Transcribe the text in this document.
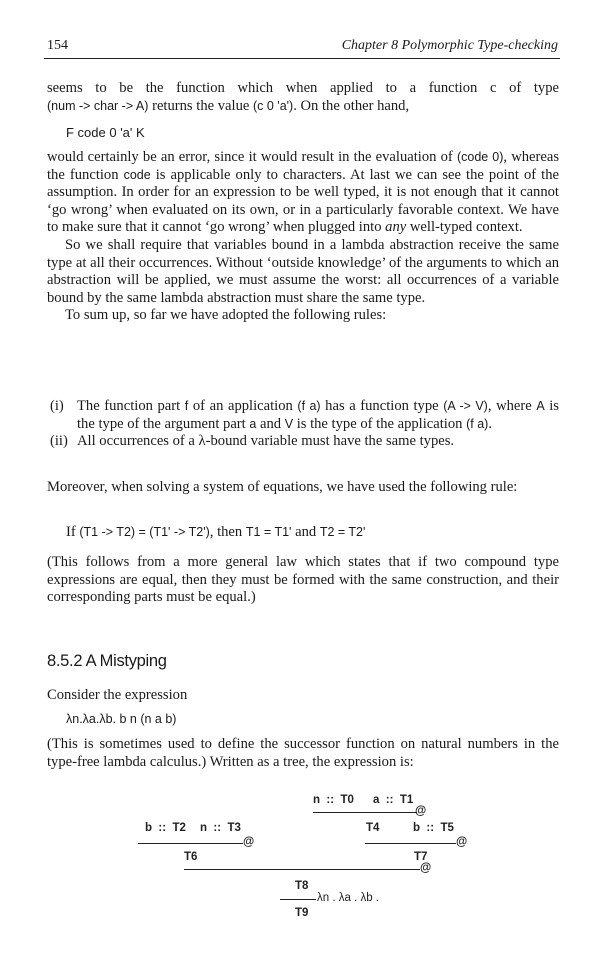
154	Chapter 8 Polymorphic Type-checking

seems to be the function which when applied to a function c of type

(num -> char -> A) returns the value (c 0 'a'). On the other hand,

F code 0 'a' K

would certainly be an error, since it would result in the evaluation of (code 0), whereas the function code is applicable only to characters. At last we can see the point of the assumption. In order for an expression to be well typed, it is not enough that it cannot ‘go wrong’ when evaluated on its own, or in a particularly favorable context. We have to make sure that it cannot ‘go wrong’ when plugged into any well-typed context.

So we shall require that variables bound in a lambda abstraction receive the same type at all their occurrences. Without ‘outside knowledge’ of the arguments to which an abstraction will be applied, we must assume the worst: all occurrences of a variable bound by the same lambda abstraction must share the same type.

To sum up, so far we have adopted the following rules:

(i) The function part f of an application (f a) has a function type (A -> V), where A is the type of the argument part a and V is the type of the application (f a).
(ii) All occurrences of a λ-bound variable must have the same types.
Moreover, when solving a system of equations, we have used the following rule:
If (T1 -> T2) = (T1' -> T2'), then T1 = T1' and T2 = T2'
(This follows from a more general law which states that if two compound type expressions are equal, then they must be formed with the same construction, and their corresponding parts must be equal.)
8.5.2 A Mistyping
Consider the expression
λn.λa.λb. b n (n a b)
(This is sometimes used to define the successor function on natural numbers in the type-free lambda calculus.) Written as a tree, the expression is:
n  ::  T0 a  ::  T1
@
b  ::  T2 n  ::  T3
@
T4	b  ::  T5
@
T6	T7
@
T8
λn . λa . λb .
T9
